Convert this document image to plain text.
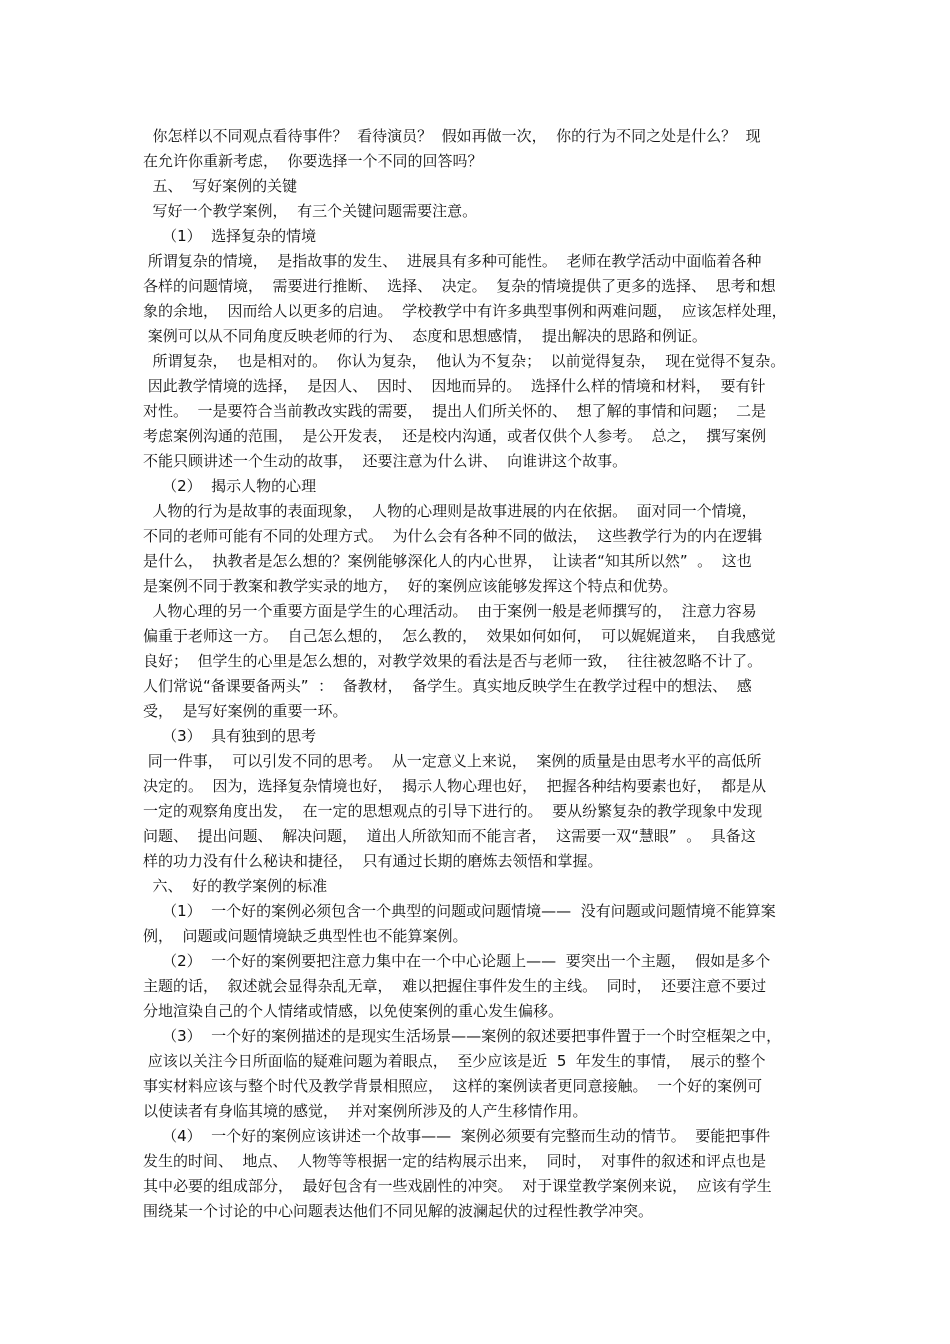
你怎样以不同观点看待事件？  看待演员？  假如再做一次，  你的行为不同之处是什么？  现
在允许你重新考虑，  你要选择一个不同的回答吗？
五、  写好案例的关键
写好一个教学案例，  有三个关键问题需要注意。
（1）  选择复杂的情境
所谓复杂的情境，  是指故事的发生、  进展具有多种可能性。  老师在教学活动中面临着各种
各样的问题情境，  需要进行推断、  选择、  决定。  复杂的情境提供了更多的选择、  思考和想
象的余地，  因而给人以更多的启迪。  学校教学中有许多典型事例和两难问题，  应该怎样处理，
案例可以从不同角度反映老师的行为、  态度和思想感情，  提出解决的思路和例证。
所谓复杂，  也是相对的。  你认为复杂，  他认为不复杂；  以前觉得复杂，  现在觉得不复杂。
因此教学情境的选择，  是因人、  因时、  因地而异的。  选择什么样的情境和材料，  要有针
对性。  一是要符合当前教改实践的需要，  提出人们所关怀的、  想了解的事情和问题；  二是
考虑案例沟通的范围，  是公开发表，  还是校内沟通，或者仅供个人参考。  总之，  撰写案例
不能只顾讲述一个生动的故事，  还要注意为什么讲、  向谁讲这个故事。
（2）  揭示人物的心理
人物的行为是故事的表面现象，  人物的心理则是故事进展的内在依据。  面对同一个情境，
不同的老师可能有不同的处理方式。  为什么会有各种不同的做法，  这些教学行为的内在逻辑
是什么，  执教者是怎么想的？案例能够深化人的内心世界，  让读者“知其所以然”  。  这也
是案例不同于教案和教学实录的地方，  好的案例应该能够发挥这个特点和优势。
人物心理的另一个重要方面是学生的心理活动。  由于案例一般是老师撰写的，  注意力容易
偏重于老师这一方。  自己怎么想的，  怎么教的，  效果如何如何，  可以娓娓道来，  自我感觉
良好；  但学生的心里是怎么想的，对教学效果的看法是否与老师一致，  往往被忽略不计了。
人们常说“备课要备两头”  ：  备教材，  备学生。真实地反映学生在教学过程中的想法、  感
受，  是写好案例的重要一环。
（3）  具有独到的思考
同一件事，  可以引发不同的思考。  从一定意义上来说，  案例的质量是由思考水平的高低所
决定的。  因为，选择复杂情境也好，  揭示人物心理也好，  把握各种结构要素也好，  都是从
一定的观察角度出发，  在一定的思想观点的引导下进行的。  要从纷繁复杂的教学现象中发现
问题、  提出问题、  解决问题，  道出人所欲知而不能言者，  这需要一双“慧眼”  。  具备这
样的功力没有什么秘诀和捷径，  只有通过长期的磨炼去领悟和掌握。
六、  好的教学案例的标准
（1）  一个好的案例必须包含一个典型的问题或问题情境——  没有问题或问题情境不能算案
例，  问题或问题情境缺乏典型性也不能算案例。
（2）  一个好的案例要把注意力集中在一个中心论题上——  要突出一个主题，  假如是多个
主题的话，  叙述就会显得杂乱无章，  难以把握住事件发生的主线。  同时，  还要注意不要过
分地渲染自己的个人情绪或情感，以免使案例的重心发生偏移。
（3）  一个好的案例描述的是现实生活场景——案例的叙述要把事件置于一个时空框架之中，
应该以关注今日所面临的疑难问题为着眼点，  至少应该是近  5  年发生的事情，  展示的整个
事实材料应该与整个时代及教学背景相照应，  这样的案例读者更同意接触。  一个好的案例可
以使读者有身临其境的感觉，  并对案例所涉及的人产生移情作用。
（4）  一个好的案例应该讲述一个故事——  案例必须要有完整而生动的情节。  要能把事件
发生的时间、  地点、  人物等等根据一定的结构展示出来，  同时，  对事件的叙述和评点也是
其中必要的组成部分，  最好包含有一些戏剧性的冲突。  对于课堂教学案例来说，  应该有学生
围绕某一个讨论的中心问题表达他们不同见解的波澜起伏的过程性教学冲突。
